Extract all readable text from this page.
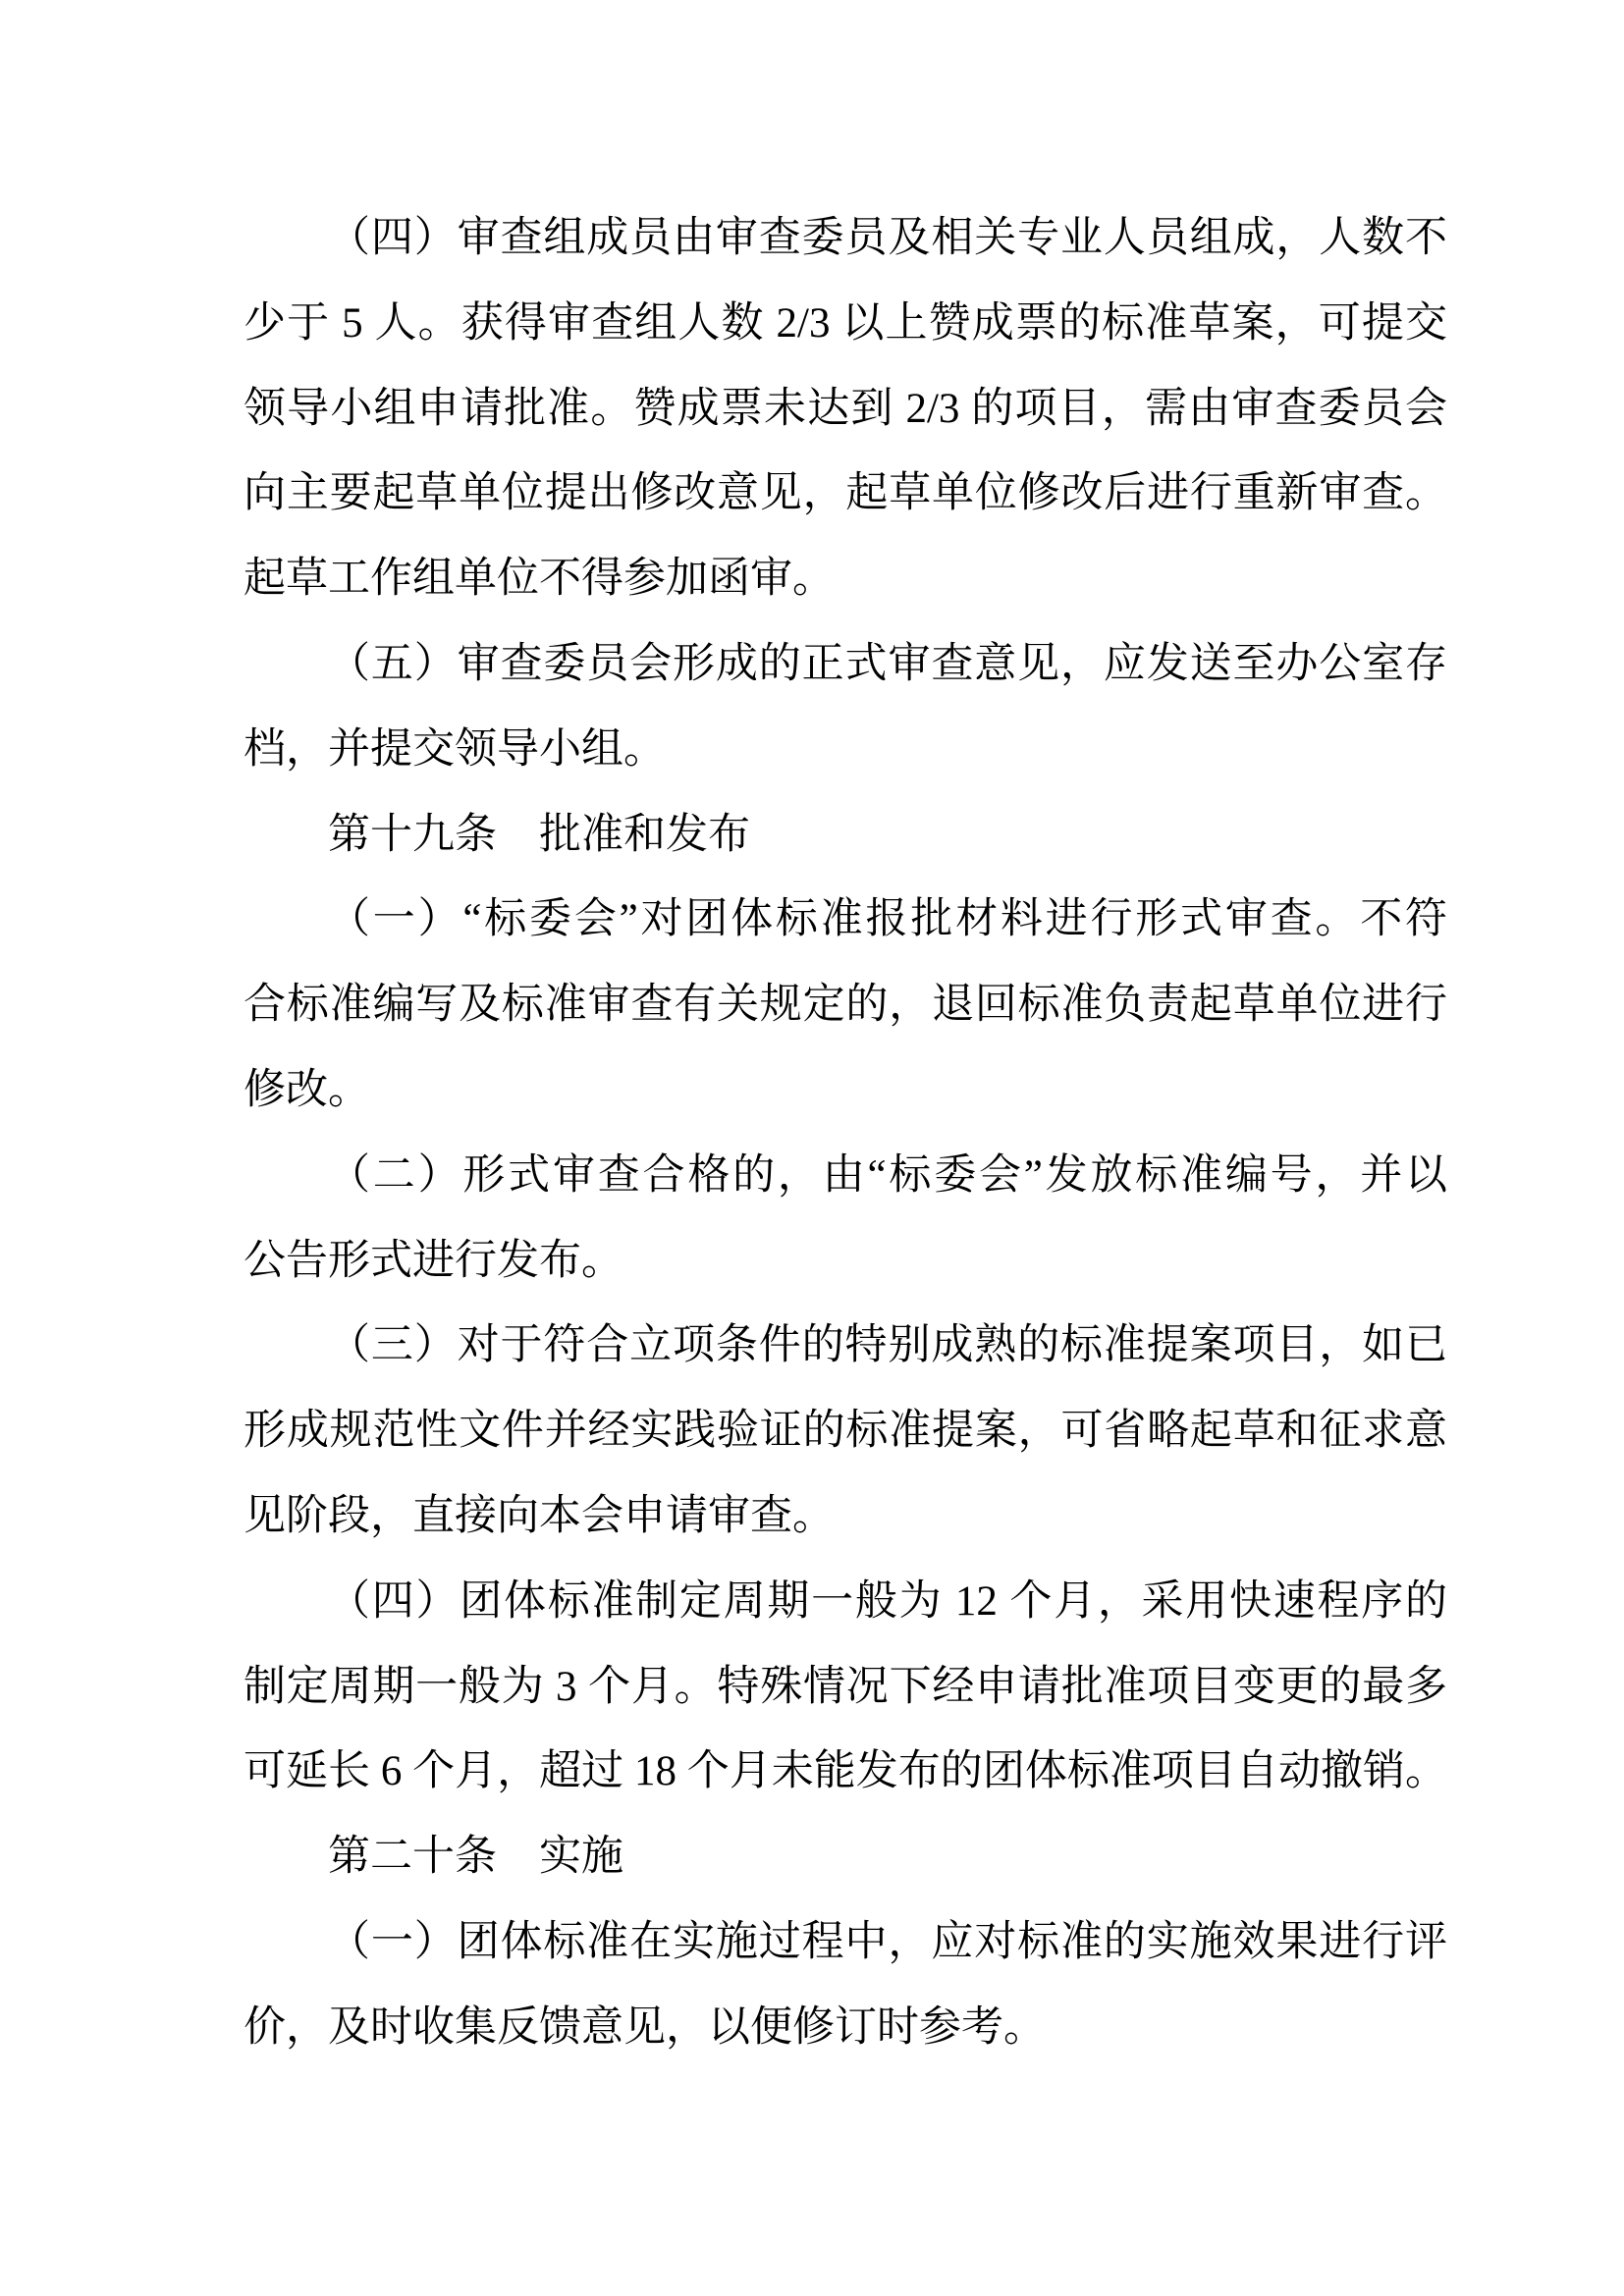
（四）审查组成员由审查委员及相关专业人员组成，人数不
少于 5 人。获得审查组人数 2/3 以上赞成票的标准草案，可提交
领导小组申请批准。赞成票未达到 2/3 的项目，需由审查委员会
向主要起草单位提出修改意见，起草单位修改后进行重新审查。
起草工作组单位不得参加函审。
（五）审查委员会形成的正式审查意见，应发送至办公室存
档，并提交领导小组。
第十九条　批准和发布
（一）“标委会”对团体标准报批材料进行形式审查。不符
合标准编写及标准审查有关规定的，退回标准负责起草单位进行
修改。
（二）形式审查合格的，由“标委会”发放标准编号，并以
公告形式进行发布。
（三）对于符合立项条件的特别成熟的标准提案项目，如已
形成规范性文件并经实践验证的标准提案，可省略起草和征求意
见阶段，直接向本会申请审查。
（四）团体标准制定周期一般为 12 个月，采用快速程序的
制定周期一般为 3 个月。特殊情况下经申请批准项目变更的最多
可延长 6 个月，超过 18 个月未能发布的团体标准项目自动撤销。
第二十条　实施
（一）团体标准在实施过程中，应对标准的实施效果进行评
价，及时收集反馈意见，以便修订时参考。
